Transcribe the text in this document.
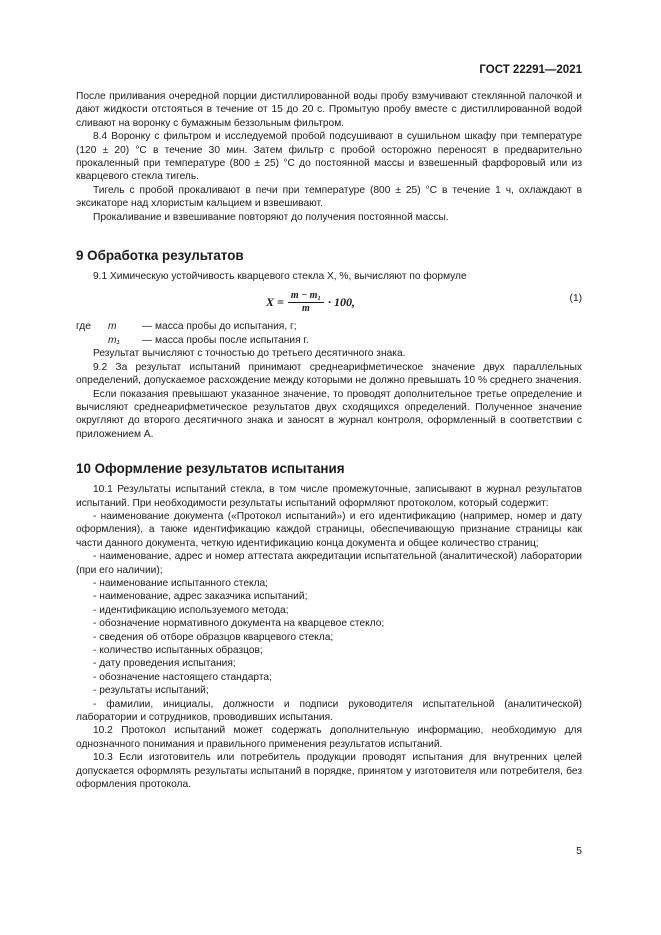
ГОСТ 22291—2021

После приливания очередной порции дистиллированной воды пробу взмучивают стеклянной палочкой и дают жидкости отстояться в течение от 15 до 20 с. Промытую пробу вместе с дистиллированной водой сливают на воронку с бумажным беззольным фильтром.

8.4 Воронку с фильтром и исследуемой пробой подсушивают в сушильном шкафу при температуре (120 ± 20) °С в течение 30 мин. Затем фильтр с пробой осторожно переносят в предварительно прокаленный при температуре (800 ± 25) °С до постоянной массы и взвешенный фарфоровый или из кварцевого стекла тигель.

Тигель с пробой прокаливают в печи при температуре (800 ± 25) °С в течение 1 ч, охлаждают в эксикаторе над хлористым кальцием и взвешивают.

Прокаливание и взвешивание повторяют до получения постоянной массы.

9 Обработка результатов

9.1 Химическую устойчивость кварцевого стекла X, %, вычисляют по формуле

$X = \frac{\text{m − m₁}}{m} \cdot 100$,	(1)
где	m	— масса пробы до испытания, г;
m₁	— масса пробы после испытания г.

Результат вычисляют с точностью до третьего десятичного знака.

9.2 За результат испытаний принимают среднеарифметическое значение двух параллельных определений, допускаемое расхождение между которыми не должно превышать 10 % среднего значения.

Если показания превышают указанное значение, то проводят дополнительное третье определение и вычисляют среднеарифметическое результатов двух сходящихся определений. Полученное значение округляют до второго десятичного знака и заносят в журнал контроля, оформленный в соответствии с приложением А.

10 Оформление результатов испытания

10.1 Результаты испытаний стекла, в том числе промежуточные, записывают в журнал результатов испытаний. При необходимости результаты испытаний оформляют протоколом, который содержит:

- наименование документа («Протокол испытаний») и его идентификацию (например, номер и дату оформления), а также идентификацию каждой страницы, обеспечивающую признание страницы как части данного документа, четкую идентификацию конца документа и общее количество страниц;

- наименование, адрес и номер аттестата аккредитации испытательной (аналитической) лаборатории (при его наличии);

- наименование испытанного стекла;

- наименование, адрес заказчика испытаний;

- идентификацию используемого метода;

- обозначение нормативного документа на кварцевое стекло;

- сведения об отборе образцов кварцевого стекла;

- количество испытанных образцов;

- дату проведения испытания;

- обозначение настоящего стандарта;

- результаты испытаний;

- фамилии, инициалы, должности и подписи руководителя испытательной (аналитической) лаборатории и сотрудников, проводивших испытания.

10.2 Протокол испытаний может содержать дополнительную информацию, необходимую для однозначного понимания и правильного применения результатов испытаний.

10.3 Если изготовитель или потребитель продукции проводят испытания для внутренних целей допускается оформлять результаты испытаний в порядке, принятом у изготовителя или потребителя, без оформления протокола.

5
